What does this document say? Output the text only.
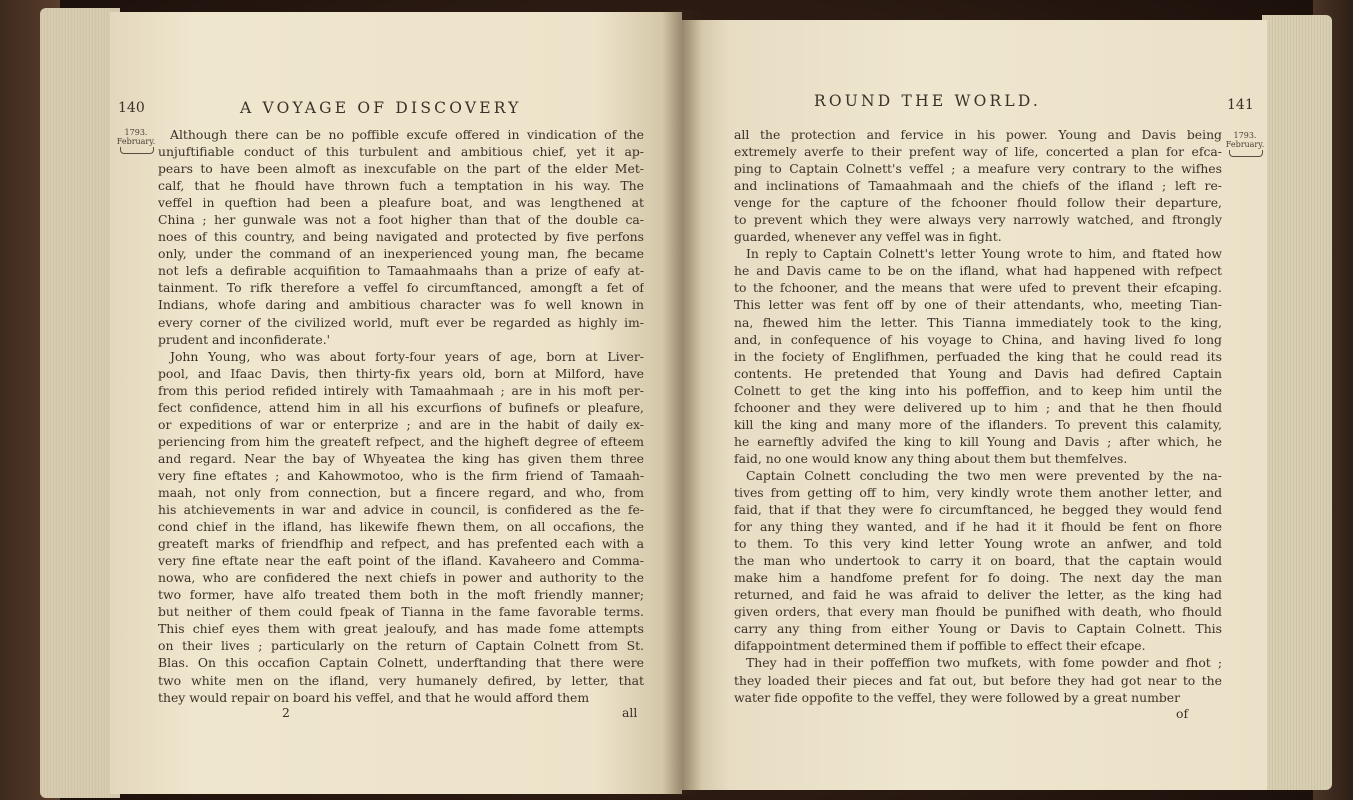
140	A VOYAGE OF DISCOVERY
1793.
February.	Although there can be no poffible excufe offered in vindication of the
unjuftifiable conduct of this turbulent and ambitious chief, yet it ap-
pears to have been almoft as inexcufable on the part of the elder Met-
calf, that he fhould have thrown fuch a temptation in his way. The
veffel in queftion had been a pleafure boat, and was lengthened at
China ; her gunwale was not a foot higher than that of the double ca-
noes of this country, and being navigated and protected by five perfons
only, under the command of an inexperienced young man, fhe became
not lefs a defirable acquifition to Tamaahmaahs than a prize of eafy at-
tainment. To rifk therefore a veffel fo circumftanced, amongft a fet of
Indians, whofe daring and ambitious character was fo well known in
every corner of the civilized world, muft ever be regarded as highly im-
prudent and inconfiderate.'
John Young, who was about forty-four years of age, born at Liver-
pool, and Ifaac Davis, then thirty-fix years old, born at Milford, have
from this period refided intirely with Tamaahmaah ; are in his moft per-
fect confidence, attend him in all his excurfions of bufinefs or pleafure,
or expeditions of war or enterprize ; and are in the habit of daily ex-
periencing from him the greateft refpect, and the higheft degree of efteem
and regard. Near the bay of Whyeatea the king has given them three
very fine eftates ; and Kahowmotoo, who is the firm friend of Tamaah-
maah, not only from connection, but a fincere regard, and who, from
his atchievements in war and advice in council, is confidered as the fe-
cond chief in the ifland, has likewife fhewn them, on all occafions, the
greateft marks of friendfhip and refpect, and has prefented each with a
very fine eftate near the eaft point of the ifland. Kavaheero and Comma-
nowa, who are confidered the next chiefs in power and authority to the
two former, have alfo treated them both in the moft friendly manner;
but neither of them could fpeak of Tianna in the fame favorable terms.
This chief eyes them with great jealoufy, and has made fome attempts
on their lives ; particularly on the return of Captain Colnett from St.
Blas. On this occafion Captain Colnett, underftanding that there were
two white men on the ifland, very humanely defired, by letter, that
they would repair on board his veffel, and that he would afford them
2	all
ROUND THE WORLD.	141
1793.
February.
all the protection and fervice in his power. Young and Davis being
extremely averfe to their prefent way of life, concerted a plan for efca-
ping to Captain Colnett's veffel ; a meafure very contrary to the wifhes
and inclinations of Tamaahmaah and the chiefs of the ifland ; left re-
venge for the capture of the fchooner fhould follow their departure,
to prevent which they were always very narrowly watched, and ftrongly
guarded, whenever any veffel was in fight.
In reply to Captain Colnett's letter Young wrote to him, and ftated how
he and Davis came to be on the ifland, what had happened with refpect
to the fchooner, and the means that were ufed to prevent their efcaping.
This letter was fent off by one of their attendants, who, meeting Tian-
na, fhewed him the letter. This Tianna immediately took to the king,
and, in confequence of his voyage to China, and having lived fo long
in the fociety of Englifhmen, perfuaded the king that he could read its
contents. He pretended that Young and Davis had defired Captain
Colnett to get the king into his poffeffion, and to keep him until the
fchooner and they were delivered up to him ; and that he then fhould
kill the king and many more of the iflanders. To prevent this calamity,
he earneftly advifed the king to kill Young and Davis ; after which, he
faid, no one would know any thing about them but themfelves.
Captain Colnett concluding the two men were prevented by the na-
tives from getting off to him, very kindly wrote them another letter, and
faid, that if that they were fo circumftanced, he begged they would fend
for any thing they wanted, and if he had it it fhould be fent on fhore
to them. To this very kind letter Young wrote an anfwer, and told
the man who undertook to carry it on board, that the captain would
make him a handfome prefent for fo doing. The next day the man
returned, and faid he was afraid to deliver the letter, as the king had
given orders, that every man fhould be punifhed with death, who fhould
carry any thing from either Young or Davis to Captain Colnett. This
difappointment determined them if poffible to effect their efcape.
They had in their poffeffion two mufkets, with fome powder and fhot ;
they loaded their pieces and fat out, but before they had got near to the
water fide oppofite to the veffel, they were followed by a great number
of
